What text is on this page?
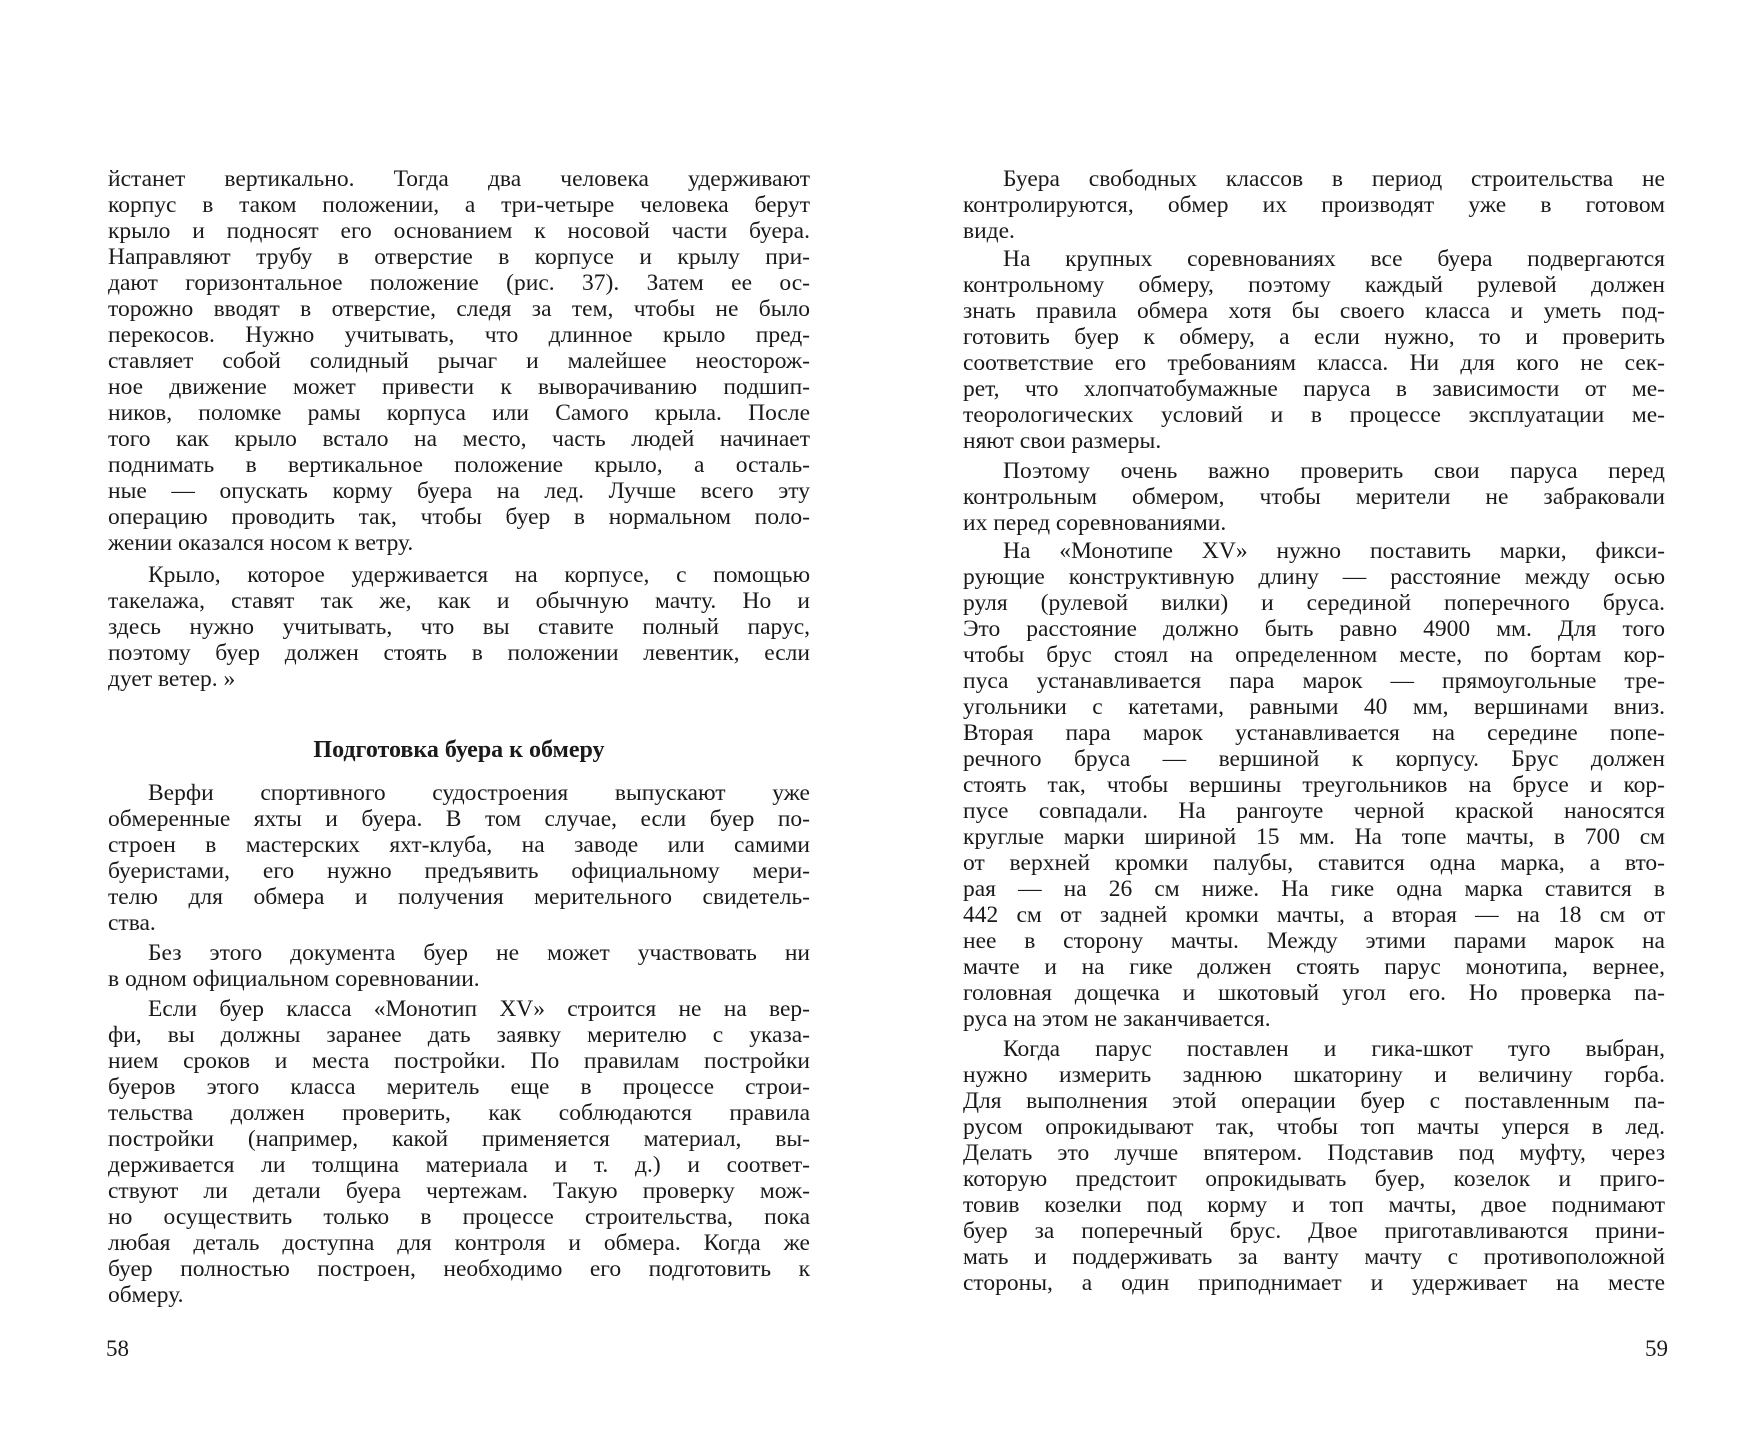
Подготовка буера к обмеру
йстанет вертикально. Тогда два человека удерживают
корпус в таком положении, а три-четыре человека берут
крыло и подносят его основанием к носовой части буера.
Направляют трубу в отверстие в корпусе и крылу при-
дают горизонтальное положение (рис. 37). Затем ее ос-
торожно вводят в отверстие, следя за тем, чтобы не было
перекосов. Нужно учитывать, что длинное крыло пред-
ставляет собой солидный рычаг и малейшее неосторож-
ное движение может привести к выворачиванию подшип-
ников, поломке рамы корпуса или Самого крыла. После
того как крыло встало на место, часть людей начинает
поднимать в вертикальное положение крыло, а осталь-
ные — опускать корму буера на лед. Лучше всего эту
операцию проводить так, чтобы буер в нормальном поло-
жении оказался носом к ветру.
Крыло, которое удерживается на корпусе, с помощью
такелажа, ставят так же, как и обычную мачту. Но и
здесь нужно учитывать, что вы ставите полный парус,
поэтому буер должен стоять в положении левентик, если
дует ветер. »
Верфи спортивного судостроения выпускают уже
обмеренные яхты и буера. В том случае, если буер по-
строен в мастерских яхт-клуба, на заводе или самими
буеристами, его нужно предъявить официальному мери-
телю для обмера и получения мерительного свидетель-
ства.
Без этого документа буер не может участвовать ни
в одном официальном соревновании.
Если буер класса «Монотип XV» строится не на вер-
фи, вы должны заранее дать заявку мерителю с указа-
нием сроков и места постройки. По правилам постройки
буеров этого класса меритель еще в процессе строи-
тельства должен проверить, как соблюдаются правила
постройки (например, какой применяется материал, вы-
держивается ли толщина материала и т. д.) и соответ-
ствуют ли детали буера чертежам. Такую проверку мож-
но осуществить только в процессе строительства, пока
любая деталь доступна для контроля и обмера. Когда же
буер полностью построен, необходимо его подготовить к
обмеру.
58
Буера свободных классов в период строительства не
контролируются, обмер их производят уже в готовом
виде.
На крупных соревнованиях все буера подвергаются
контрольному обмеру, поэтому каждый рулевой должен
знать правила обмера хотя бы своего класса и уметь под-
готовить буер к обмеру, а если нужно, то и проверить
соответствие его требованиям класса. Ни для кого не сек-
рет, что хлопчатобумажные паруса в зависимости от ме-
теорологических условий и в процессе эксплуатации ме-
няют свои размеры.
Поэтому очень важно проверить свои паруса перед
контрольным обмером, чтобы мерители не забраковали
их перед соревнованиями.
На «Монотипе XV» нужно поставить марки, фикси-
рующие конструктивную длину — расстояние между осью
руля (рулевой вилки) и серединой поперечного бруса.
Это расстояние должно быть равно 4900 мм. Для того
чтобы брус стоял на определенном месте, по бортам кор-
пуса устанавливается пара марок — прямоугольные тре-
угольники с катетами, равными 40 мм, вершинами вниз.
Вторая пара марок устанавливается на середине попе-
речного бруса — вершиной к корпусу. Брус должен
стоять так, чтобы вершины треугольников на брусе и кор-
пусе совпадали. На рангоуте черной краской наносятся
круглые марки шириной 15 мм. На топе мачты, в 700 см
от верхней кромки палубы, ставится одна марка, а вто-
рая — на 26 см ниже. На гике одна марка ставится в
442 см от задней кромки мачты, а вторая — на 18 см от
нее в сторону мачты. Между этими парами марок на
мачте и на гике должен стоять парус монотипа, вернее,
головная дощечка и шкотовый угол его. Но проверка па-
руса на этом не заканчивается.
Когда парус поставлен и гика-шкот туго выбран,
нужно измерить заднюю шкаторину и величину горба.
Для выполнения этой операции буер с поставленным па-
русом опрокидывают так, чтобы топ мачты уперся в лед.
Делать это лучше впятером. Подставив под муфту, через
которую предстоит опрокидывать буер, козелок и приго-
товив козелки под корму и топ мачты, двое поднимают
буер за поперечный брус. Двое приготавливаются прини-
мать и поддерживать за ванту мачту с противоположной
стороны, а один приподнимает и удерживает на месте
59
